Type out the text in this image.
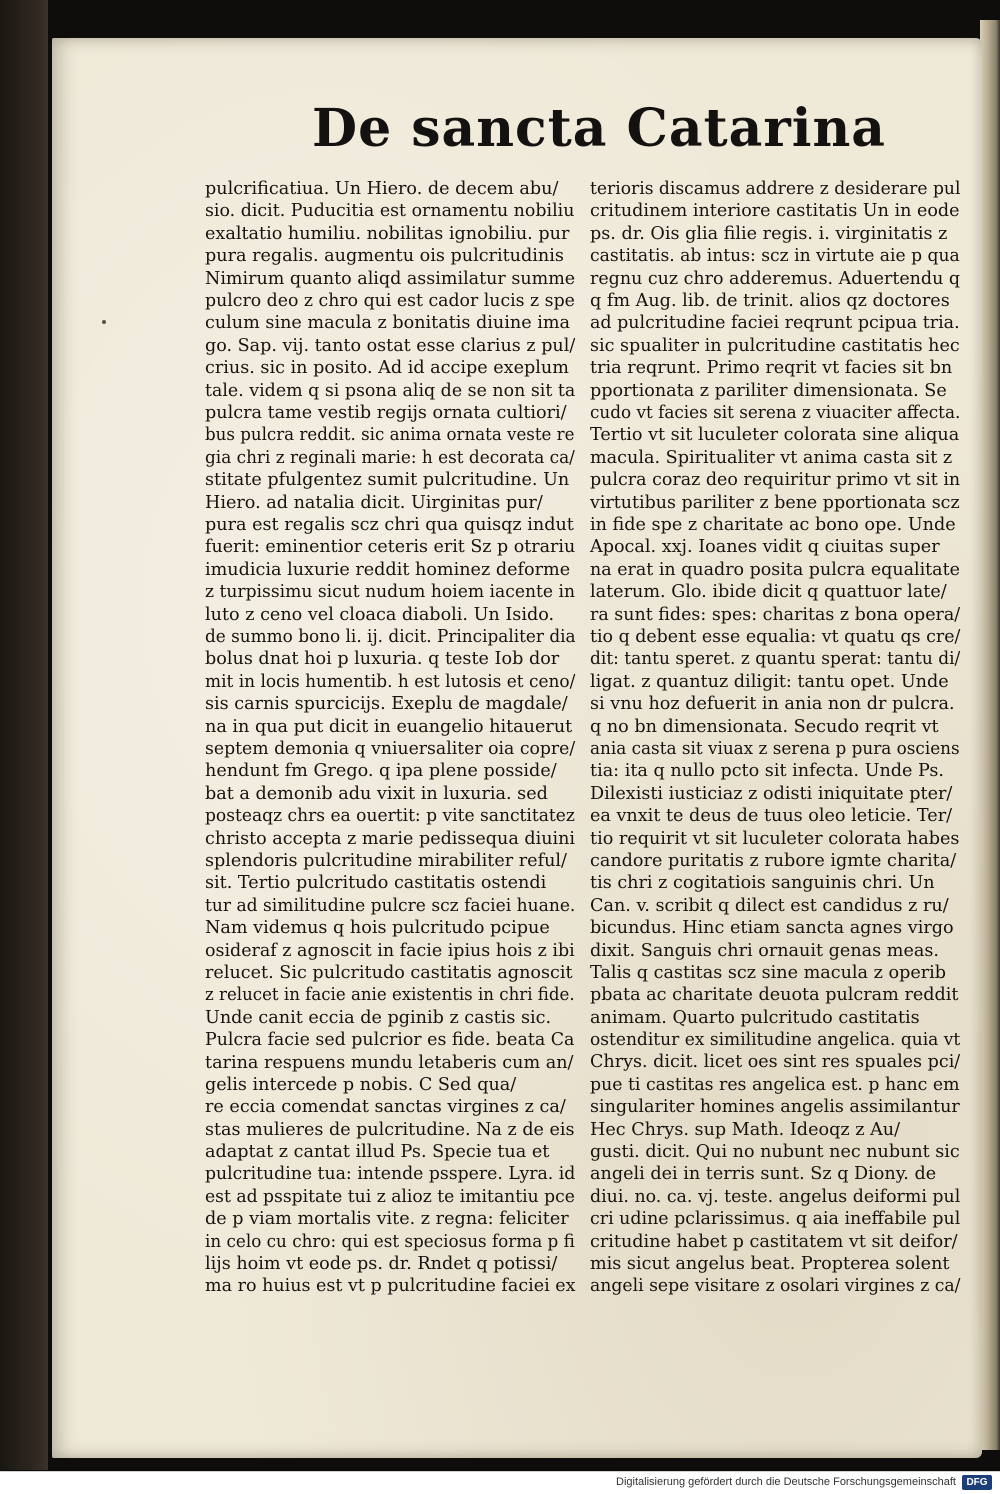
De sancta Catarina
pulcrificatiua. Un Hiero. de decem abu/
sio. dicit. Puducitia est ornamentu nobiliu
exaltatio humiliu. nobilitas ignobiliu. pur
pura regalis. augmentu ois pulcritudinis
Nimirum quanto aliqd assimilatur summepulcro deo z chro qui est cador lucis z spe
culum sine macula z bonitatis diuine ima
go. Sap. vij. tanto ostat esse clarius z pul/
crius. sic in posito. Ad id accipe exeplum
tale. videm q si psona aliq de se non sit ta
pulcra tame vestib regijs ornata cultiori/
bus pulcra reddit. sic anima ornata veste regia chri z reginali marie: h est decorata ca/
stitate pfulgentez sumit pulcritudine. Un
Hiero. ad natalia dicit. Uirginitas pur/
pura est regalis scz chri qua quisqz indut
fuerit: eminentior ceteris erit Sz p otrariu
imudicia luxurie reddit hominez deforme
z turpissimu sicut nudum hoiem iacente in
luto z ceno vel cloaca diaboli. Un Isido.
de summo bono li. ij. dicit. Principaliter dia
bolus dnat hoi p luxuria. q teste Iob dor
mit in locis humentib. h est lutosis et ceno/
sis carnis spurcicijs. Exeplu de magdale/
na in qua put dicit in euangelio hitauerut
septem demonia q vniuersaliter oia copre/
hendunt fm Grego. q ipa plene posside/
bat a demonib adu vixit in luxuria. sed
posteaqz chrs ea ouertit: p vite sanctitatezchristo accepta z marie pedissequa diuini
splendoris pulcritudine mirabiliter reful/
sit. Tertio pulcritudo castitatis ostendi
tur ad similitudine pulcre scz faciei huane.
Nam videmus q hois pulcritudo pcipue
osideraf z agnoscit in facie ipius hois z ibi
relucet. Sic pulcritudo castitatis agnoscit
z relucet in facie anie existentis in chri fide.
Unde canit eccia de pginib z castis sic.
Pulcra facie sed pulcrior es fide. beata Ca
tarina respuens mundu letaberis cum an/
gelis intercede p nobis. C Sed qua/
re eccia comendat sanctas virgines z ca/
stas mulieres de pulcritudine. Na z de eis
adaptat z cantat illud Ps. Specie tua et
pulcritudine tua: intende psspere. Lyra. idest ad psspitate tui z alioz te imitantiu pce
de p viam mortalis vite. z regna: feliciter
in celo cu chro: qui est speciosus forma p fi
lijs hoim vt eode ps. dr. Rndet q potissi/
ma ro huius est vt p pulcritudine faciei ex
terioris discamus addrere z desiderare pulcritudinem interiore castitatis Un in eode
ps. dr. Ois glia filie regis. i. virginitatis z
castitatis. ab intus: scz in virtute aie p quaregnu cuz chro adderemus. Aduertendu q
q fm Aug. lib. de trinit. alios qz doctores
ad pulcritudine faciei reqrunt pcipua tria.sic spualiter in pulcritudine castitatis hec
tria reqrunt. Primo reqrit vt facies sit bn
pportionata z pariliter dimensionata. Se
cudo vt facies sit serena z viuaciter affecta.
Tertio vt sit luculeter colorata sine aliqua
macula. Spiritualiter vt anima casta sit z
pulcra coraz deo requiritur primo vt sit invirtutibus pariliter z bene pportionata scz
in fide spe z charitate ac bono ope. Unde
Apocal. xxj. Ioanes vidit q ciuitas super
na erat in quadro posita pulcra equalitate
laterum. Glo. ibide dicit q quattuor late/
ra sunt fides: spes: charitas z bona opera/tio q debent esse equalia: vt quatu qs cre/dit: tantu speret. z quantu sperat: tantu di/
ligat. z quantuz diligit: tantu opet. Unde
si vnu hoz defuerit in ania non dr pulcra.
q no bn dimensionata. Secudo reqrit vt
ania casta sit viuax z serena p pura osciens
tia: ita q nullo pcto sit infecta. Unde Ps.
Dilexisti iusticiaz z odisti iniquitate pter/
ea vnxit te deus de tuus oleo leticie. Ter/
tio requirit vt sit luculeter colorata habes
candore puritatis z rubore igmte charita/
tis chri z cogitatiois sanguinis chri. Un
Can. v. scribit q dilect est candidus z ru/
bicundus. Hinc etiam sancta agnes virgo
dixit. Sanguis chri ornauit genas meas.
Talis q castitas scz sine macula z operib
pbata ac charitate deuota pulcram reddit
animam. Quarto pulcritudo castitatis
ostenditur ex similitudine angelica. quia vtChrys. dicit. licet oes sint res spuales pci/pue ti castitas res angelica est. p hanc emsingulariter homines angelis assimilantur
Hec Chrys. sup Math. Ideoqz z Au/
gusti. dicit. Qui no nubunt nec nubunt sic
angeli dei in terris sunt. Sz q Diony. de
diui. no. ca. vj. teste. angelus deiformi pulcri udine pclarissimus. q aia ineffabile pul
critudine habet p castitatem vt sit deifor/
mis sicut angelus beat. Propterea solent
angeli sepe visitare z osolari virgines z ca/
Digitalisierung gefördert durch die Deutsche Forschungsgemeinschaft	DFG
